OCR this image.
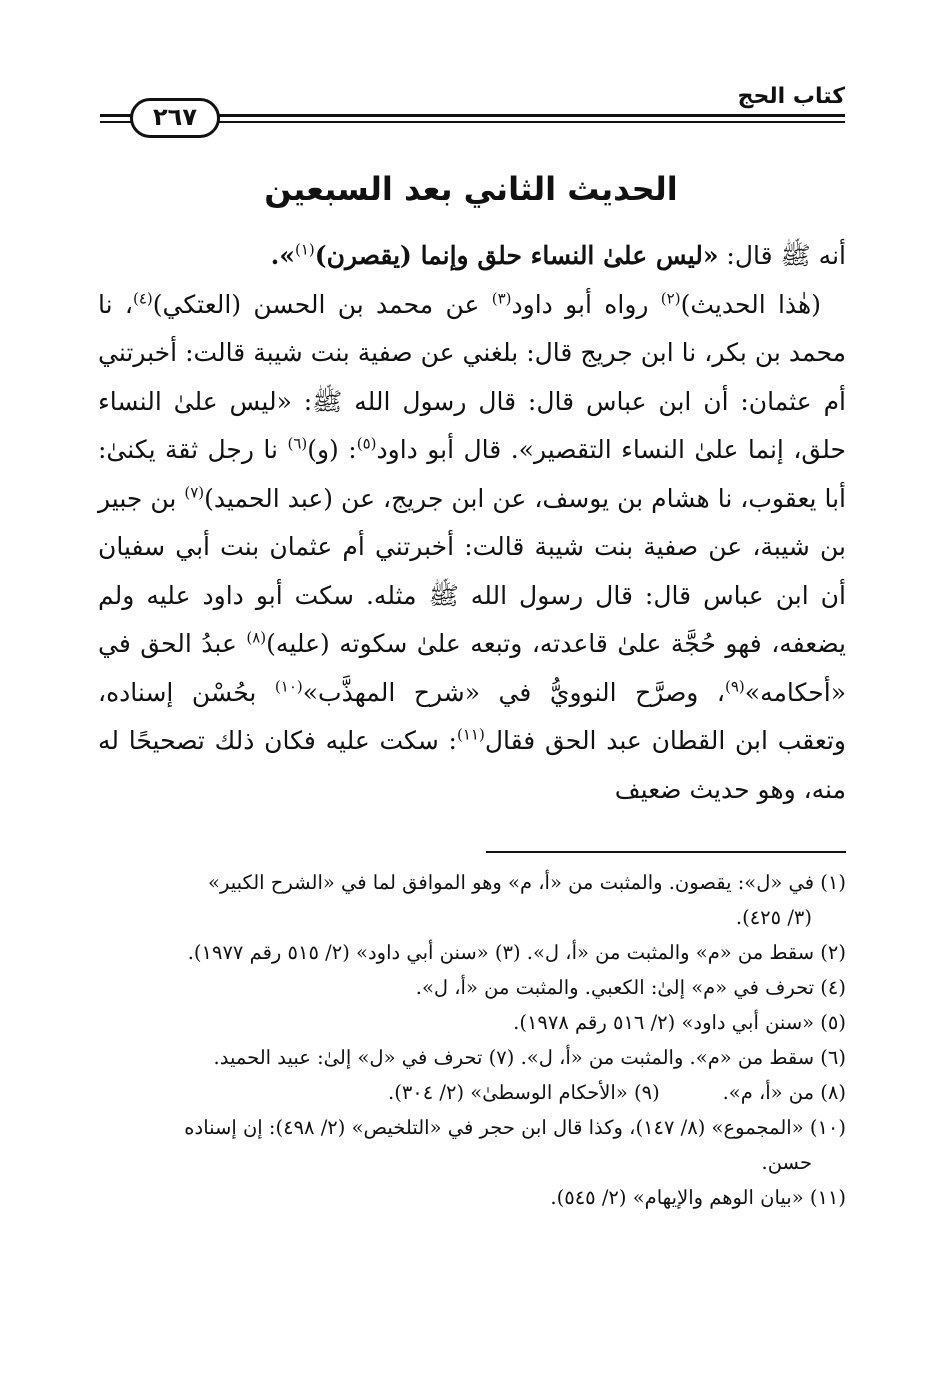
كتاب الحج
٢٦٧
الحديث الثاني بعد السبعين

أنه ﷺ قال: «ليس علىٰ النساء حلق وإنما (يقصرن)$^{(١)}$».

 (هٰذا الحديث)$^{(٢)}$ رواه أبو داود$^{(٣)}$ عن محمد بن الحسن (العتكي)$^{(٤)}$، نا محمد بن بكر، نا ابن جريج قال: بلغني عن صفية بنت شيبة قالت: أخبرتني أم عثمان: أن ابن عباس قال: قال رسول الله ﷺ: «ليس علىٰ النساء حلق، إنما علىٰ النساء التقصير». قال أبو داود$^{(٥)}$: (و)$^{(٦)}$ نا رجل ثقة يكنىٰ: أبا يعقوب، نا هشام بن يوسف، عن ابن جريج، عن (عبد الحميد)$^{(٧)}$ بن جبير بن شيبة، عن صفية بنت شيبة قالت: أخبرتني أم عثمان بنت أبي سفيان أن ابن عباس قال: قال رسول الله ﷺ مثله. سكت أبو داود عليه ولم يضعفه، فهو حُجَّة علىٰ قاعدته، وتبعه علىٰ سكوته (عليه)$^{(٨)}$ عبدُ الحق في «أحكامه»$^{(٩)}$، وصرَّح النوويُّ في «شرح المهذَّب»$^{(١٠)}$ بحُسْن إسناده، وتعقب ابن القطان عبد الحق فقال$^{(١١)}$: سكت عليه فكان ذلك تصحيحًا له منه، وهو حديث ضعيف

(١) في «ل»: يقصون. والمثبت من «أ، م» وهو الموافق لما في «الشرح الكبير»

(٣/ ٤٢٥).

(٢) سقط من «م» والمثبت من «أ، ل». (٣) «سنن أبي داود» (٢/ ٥١٥ رقم ١٩٧٧).

(٤) تحرف في «م» إلىٰ: الكعبي. والمثبت من «أ، ل».

(٥) «سنن أبي داود» (٢/ ٥١٦ رقم ١٩٧٨).

(٦) سقط من «م». والمثبت من «أ، ل». (٧) تحرف في «ل» إلىٰ: عبيد الحميد.

(٨) من «أ، م».
(٩) «الأحكام الوسطىٰ» (٢/ ٣٠٤).

(١٠) «المجموع» (٨/ ١٤٧)، وكذا قال ابن حجر في «التلخيص» (٢/ ٤٩٨): إن إسناده

حسن.

(١١) «بيان الوهم والإيهام» (٢/ ٥٤٥).
